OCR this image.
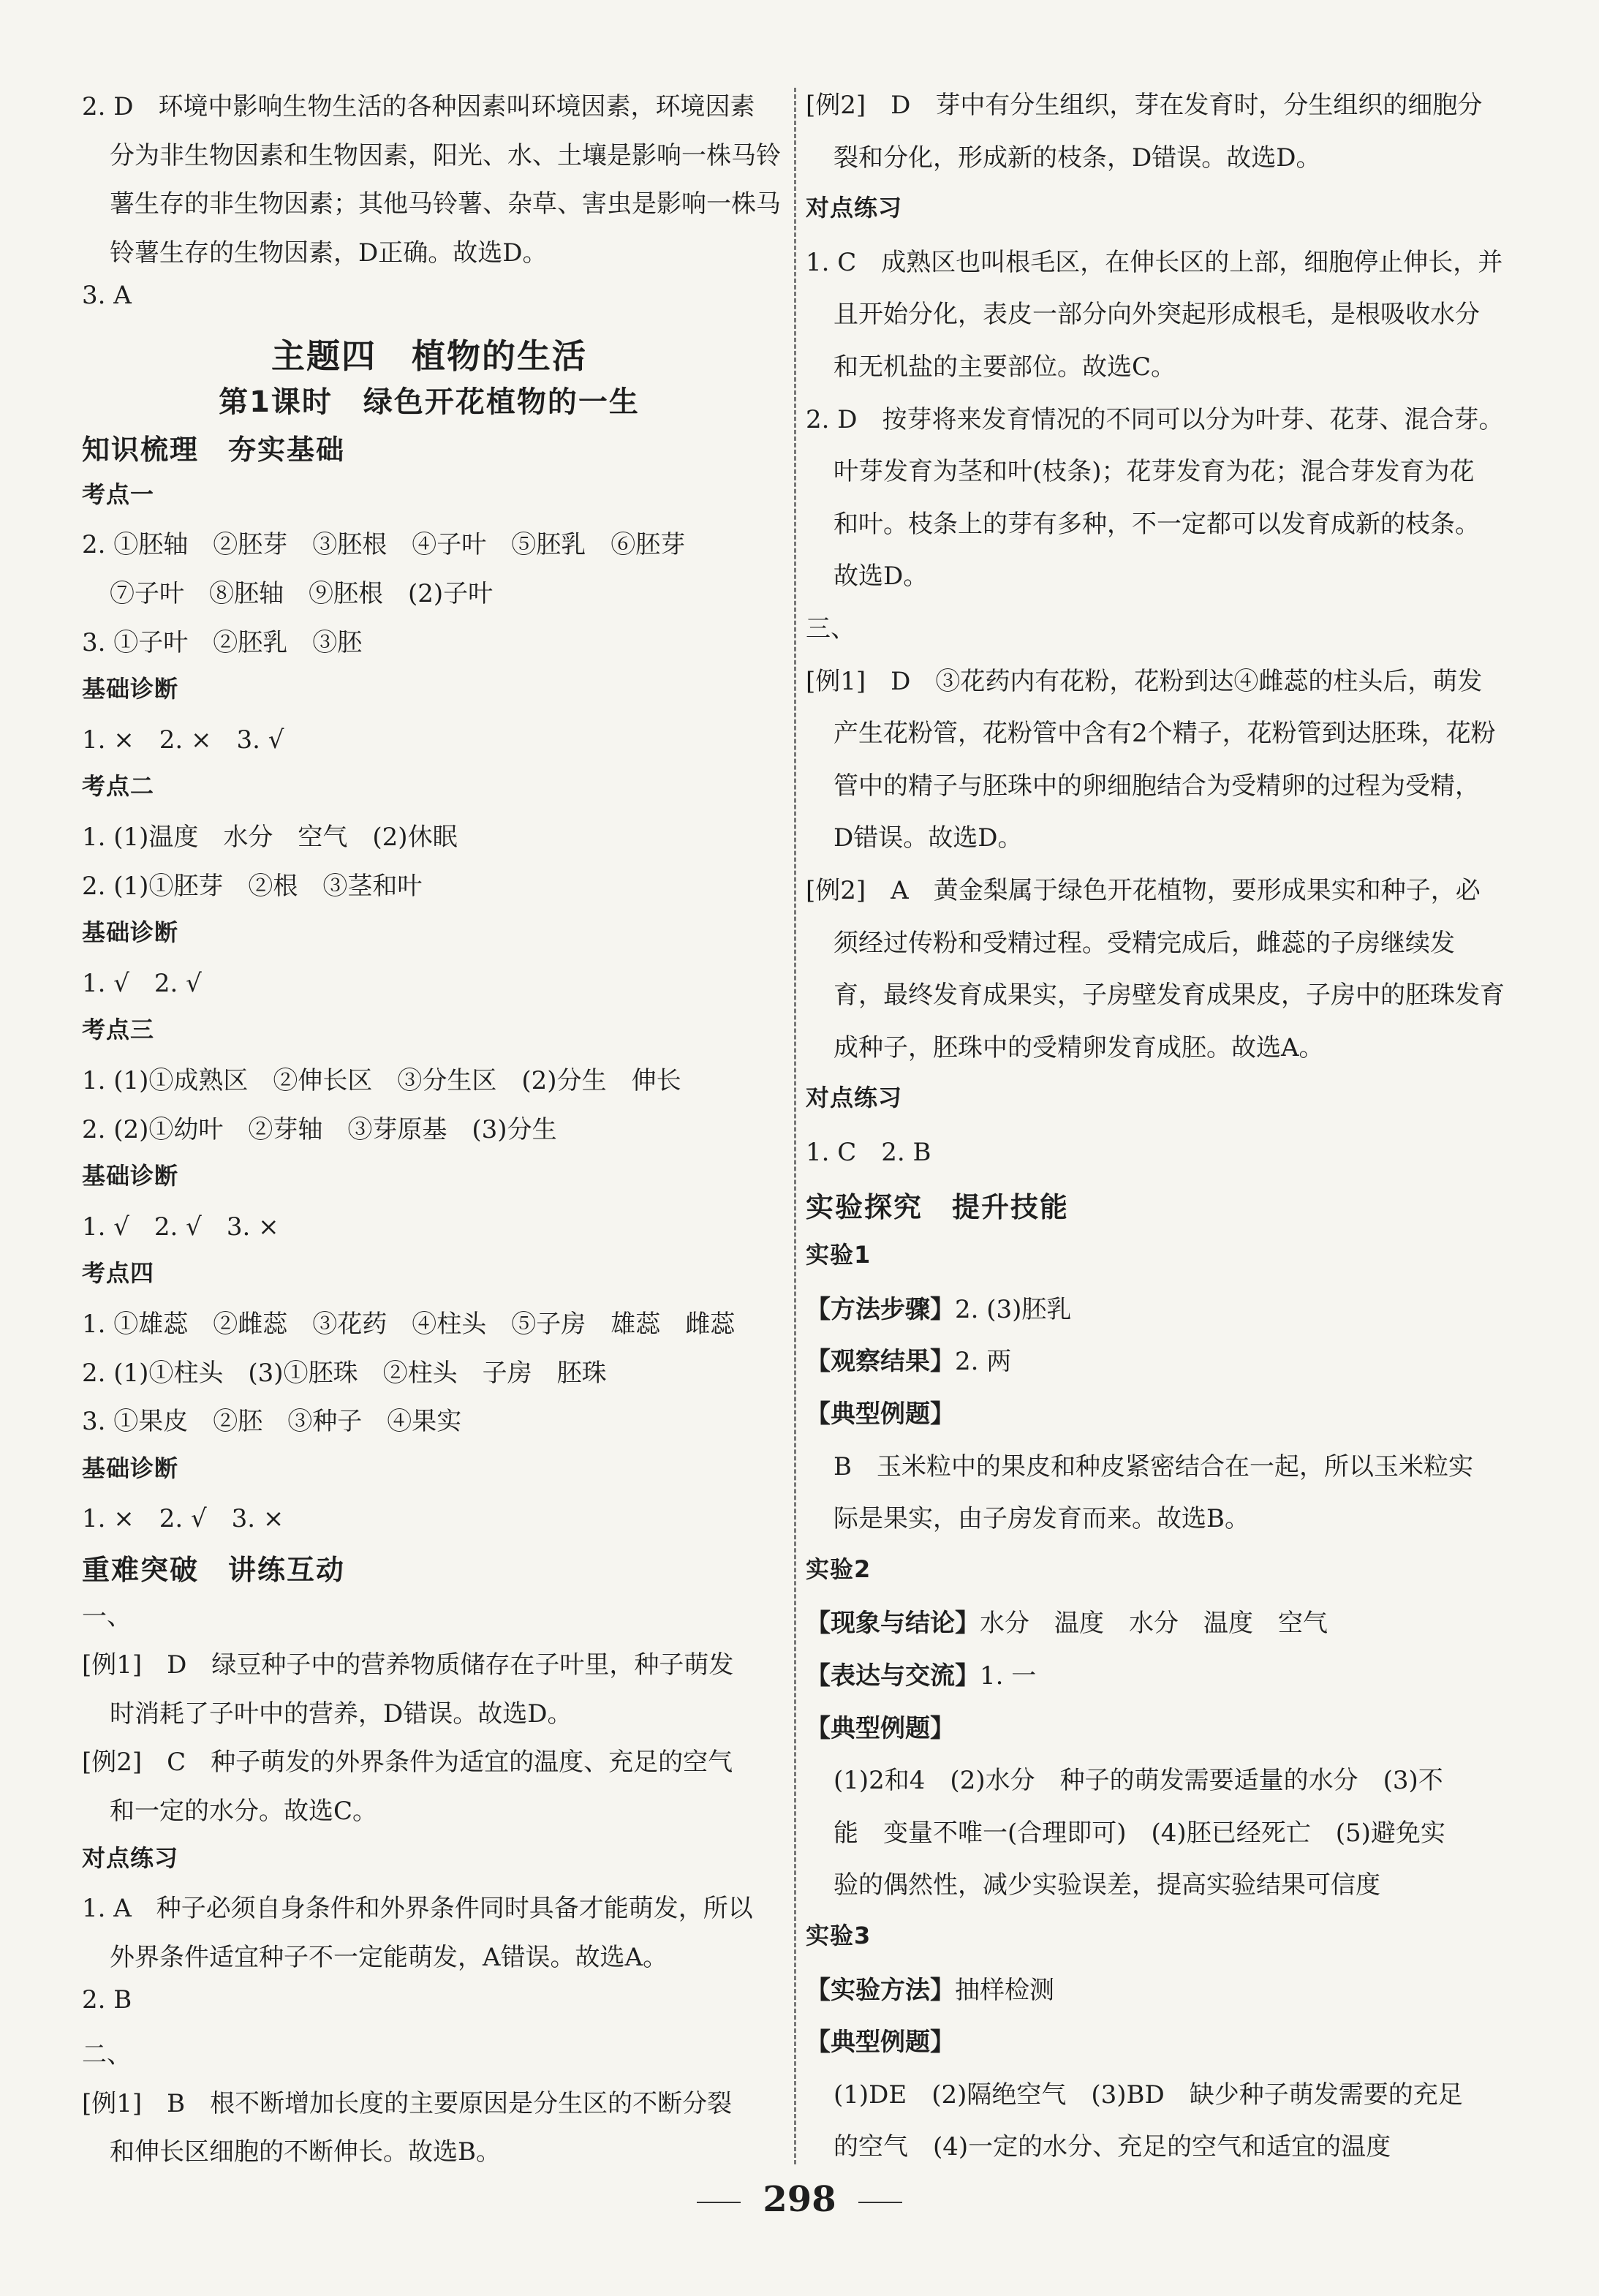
2. D　环境中影响生物生活的各种因素叫环境因素，环境因素
分为非生物因素和生物因素，阳光、水、土壤是影响一株马铃
薯生存的非生物因素；其他马铃薯、杂草、害虫是影响一株马
铃薯生存的生物因素，D正确。故选D。
3. A
主题四　植物的生活
第1课时　绿色开花植物的一生
知识梳理　夯实基础
考点一
2. ①胚轴　②胚芽　③胚根　④子叶　⑤胚乳　⑥胚芽
⑦子叶　⑧胚轴　⑨胚根　(2)子叶
3. ①子叶　②胚乳　③胚
基础诊断
1. ×　2. ×　3. √
考点二
1. (1)温度　水分　空气　(2)休眠
2. (1)①胚芽　②根　③茎和叶
基础诊断
1. √　2. √
考点三
1. (1)①成熟区　②伸长区　③分生区　(2)分生　伸长
2. (2)①幼叶　②芽轴　③芽原基　(3)分生
基础诊断
1. √　2. √　3. ×
考点四
1. ①雄蕊　②雌蕊　③花药　④柱头　⑤子房　雄蕊　雌蕊
2. (1)①柱头　(3)①胚珠　②柱头　子房　胚珠
3. ①果皮　②胚　③种子　④果实
基础诊断
1. ×　2. √　3. ×
重难突破　讲练互动
一、
[例1]　D　绿豆种子中的营养物质储存在子叶里，种子萌发
时消耗了子叶中的营养，D错误。故选D。
[例2]　C　种子萌发的外界条件为适宜的温度、充足的空气
和一定的水分。故选C。
对点练习
1. A　种子必须自身条件和外界条件同时具备才能萌发，所以
外界条件适宜种子不一定能萌发，A错误。故选A。
2. B
二、
[例1]　B　根不断增加长度的主要原因是分生区的不断分裂
和伸长区细胞的不断伸长。故选B。
[例2]　D　芽中有分生组织，芽在发育时，分生组织的细胞分
裂和分化，形成新的枝条，D错误。故选D。
对点练习
1. C　成熟区也叫根毛区，在伸长区的上部，细胞停止伸长，并
且开始分化，表皮一部分向外突起形成根毛，是根吸收水分
和无机盐的主要部位。故选C。
2. D　按芽将来发育情况的不同可以分为叶芽、花芽、混合芽。
叶芽发育为茎和叶(枝条)；花芽发育为花；混合芽发育为花
和叶。枝条上的芽有多种，不一定都可以发育成新的枝条。
故选D。
三、
[例1]　D　③花药内有花粉，花粉到达④雌蕊的柱头后，萌发
产生花粉管，花粉管中含有2个精子，花粉管到达胚珠，花粉
管中的精子与胚珠中的卵细胞结合为受精卵的过程为受精，
D错误。故选D。
[例2]　A　黄金梨属于绿色开花植物，要形成果实和种子，必
须经过传粉和受精过程。受精完成后，雌蕊的子房继续发
育，最终发育成果实，子房壁发育成果皮，子房中的胚珠发育
成种子，胚珠中的受精卵发育成胚。故选A。
对点练习
1. C　2. B
实验探究　提升技能
实验1
【方法步骤】2. (3)胚乳
【观察结果】2. 两
【典型例题】
B　玉米粒中的果皮和种皮紧密结合在一起，所以玉米粒实
际是果实，由子房发育而来。故选B。
实验2
【现象与结论】水分　温度　水分　温度　空气
【表达与交流】1. 一
【典型例题】
(1)2和4　(2)水分　种子的萌发需要适量的水分　(3)不
能　变量不唯一(合理即可)　(4)胚已经死亡　(5)避免实
验的偶然性，减少实验误差，提高实验结果可信度
实验3
【实验方法】抽样检测
【典型例题】
(1)DE　(2)隔绝空气　(3)BD　缺少种子萌发需要的充足
的空气　(4)一定的水分、充足的空气和适宜的温度
298
